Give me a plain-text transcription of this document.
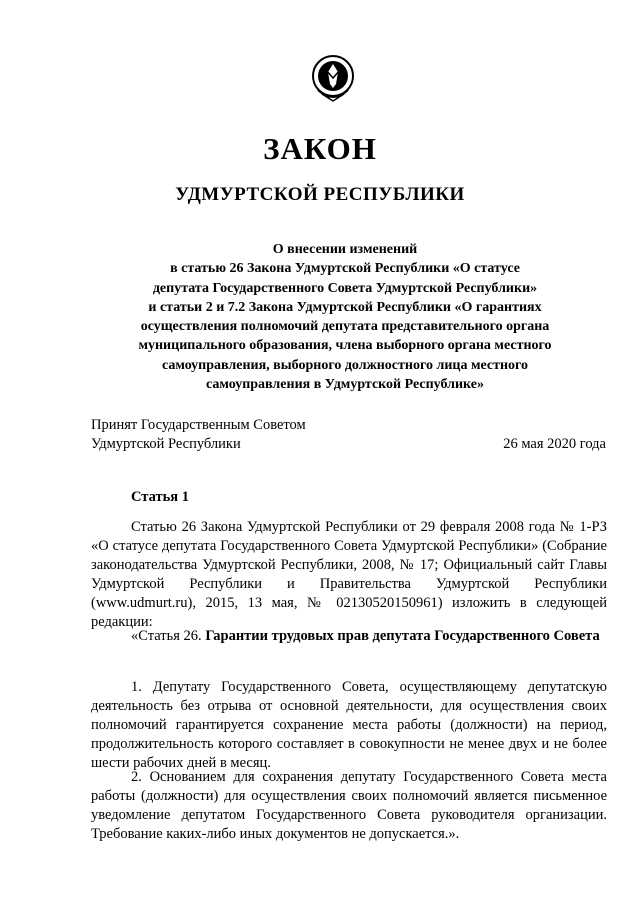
ЗАКОН
УДМУРТСКОЙ РЕСПУБЛИКИ
О внесении изменений
в статью 26 Закона Удмуртской Республики «О статусе
депутата Государственного Совета Удмуртской Республики»
и статьи 2 и 7.2 Закона Удмуртской Республики «О гарантиях
осуществления полномочий депутата представительного органа
муниципального образования, члена выборного органа местного
самоуправления, выборного должностного лица местного
самоуправления в Удмуртской Республике»
Принят Государственным Советом
Удмуртской Республики	26 мая 2020 года
Статья 1

Статью 26 Закона Удмуртской Республики от 29 февраля 2008 года № 1-РЗ «О статусе депутата Государственного Совета Удмуртской Республики» (Собрание законодательства Удмуртской Республики, 2008, № 17; Официальный сайт Главы Удмуртской Республики и Правительства Удмуртской Республики (www.udmurt.ru), 2015, 13 мая, № 02130520150961) изложить в следующей редакции:

«Статья 26. Гарантии трудовых прав депутата Государственного Совета

1. Депутату Государственного Совета, осуществляющему депутатскую деятельность без отрыва от основной деятельности, для осуществления своих полномочий гарантируется сохранение места работы (должности) на период, продолжительность которого составляет в совокупности не менее двух и не более шести рабочих дней в месяц.

2. Основанием для сохранения депутату Государственного Совета места работы (должности) для осуществления своих полномочий является письменное уведомление депутатом Государственного Совета руководителя организации. Требование каких-либо иных документов не допускается.».
